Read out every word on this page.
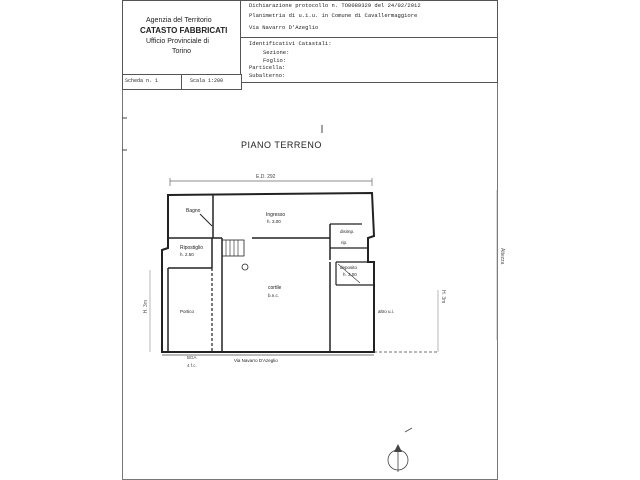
Agenzia del Territorio
CATASTO FABBRICATI
Ufficio Provinciale di
Torino
Dichiarazione protocollo n. TO0089329 del 24/02/2012
Planimetria di u.i.u. in Comune di Cavallermaggiore
Via Navarro D'Azeglio
Identificativi Catastali:
Sezione:
Foglio:
Particella:
Subalterno:
Scheda n. 1	Scala 1:200
PIANO TERRENO
E.D. 292
Altezza
H. 3m
H. 3m
BGA
4 f.c.
Bagno
Ingresso
h. 3.00
Ripostiglio
h. 2.50
disimp.
rip.
deposito
h. 3.00
cortile
b.n.c.
Portico	altro u.i.
Via Navarro D'Azeglio
